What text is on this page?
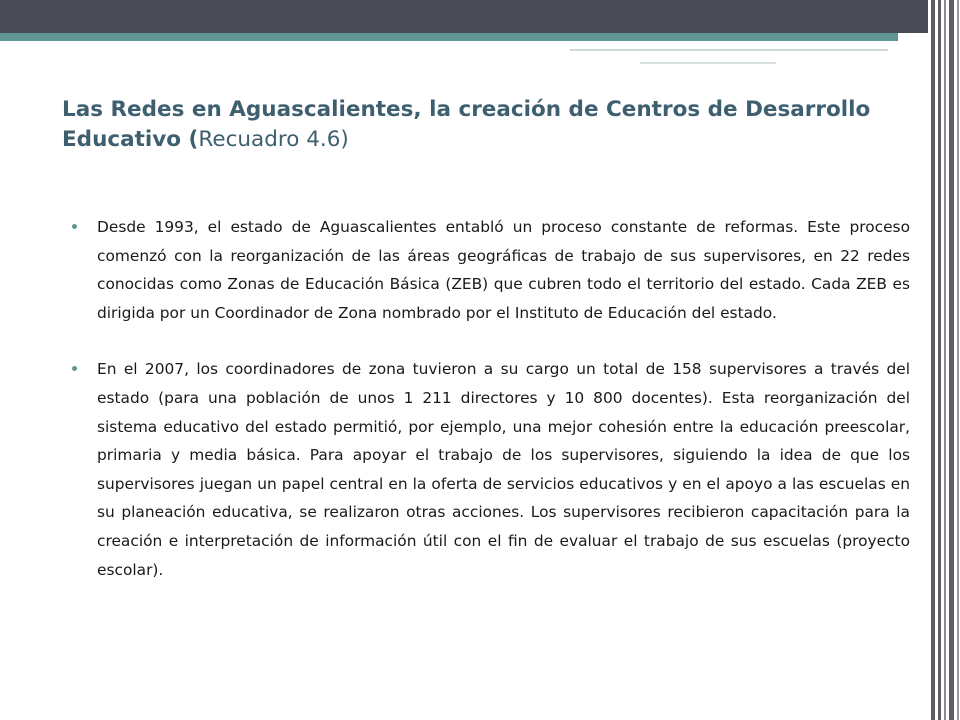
Las Redes en Aguascalientes, la creación de Centros de Desarrollo Educativo (Recuadro 4.6)

Desde 1993, el estado de Aguascalientes entabló un proceso constante de reformas. Este proceso comenzó con la reorganización de las áreas geográficas de trabajo de sus supervisores, en 22 redes conocidas como Zonas de Educación Básica (ZEB) que cubren todo el territorio del estado. Cada ZEB es dirigida por un Coordinador de Zona nombrado por el Instituto de Educación del estado.

En el 2007, los coordinadores de zona tuvieron a su cargo un total de 158 supervisores a través del estado (para una población de unos 1 211 directores y 10 800 docentes). Esta reorganización del sistema educativo del estado permitió, por ejemplo, una mejor cohesión entre la educación preescolar, primaria y media básica. Para apoyar el trabajo de los supervisores, siguiendo la idea de que los supervisores juegan un papel central en la oferta de servicios educativos y en el apoyo a las escuelas en su planeación educativa, se realizaron otras acciones. Los supervisores recibieron capacitación para la creación e interpretación de información útil con el fin de evaluar el trabajo de sus escuelas (proyecto escolar).
